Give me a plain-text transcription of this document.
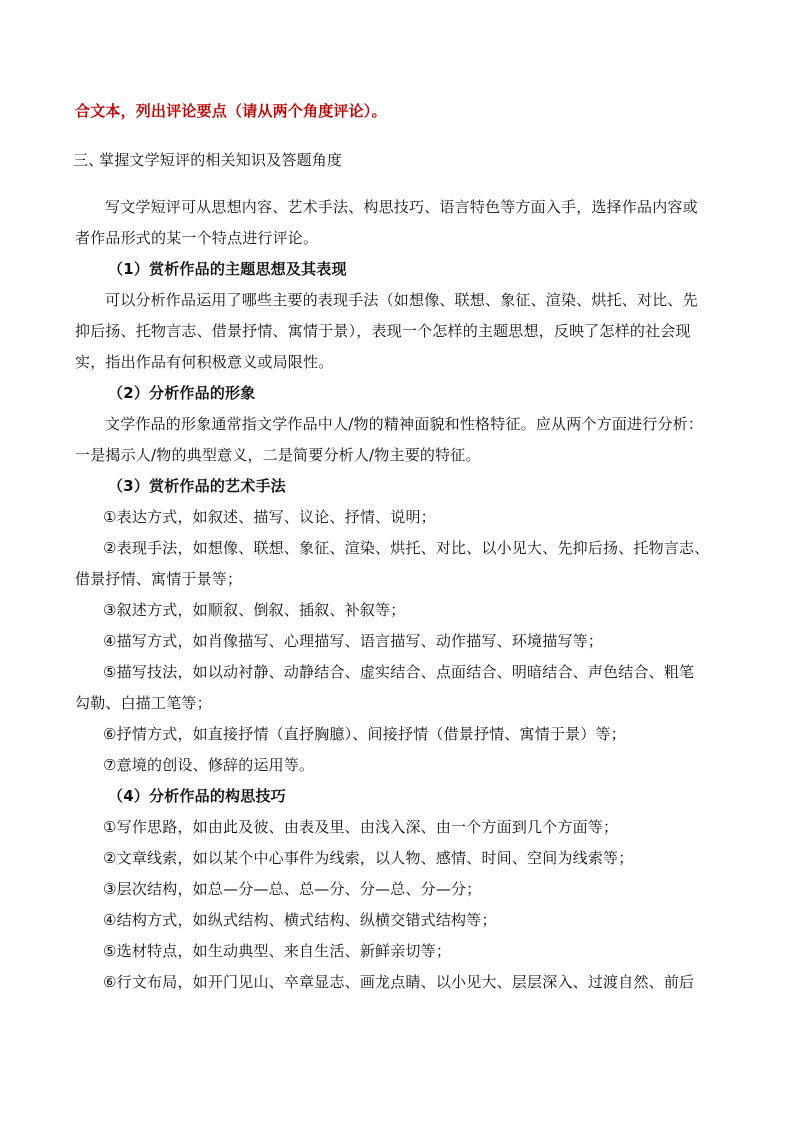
合文本，列出评论要点（请从两个角度评论）。
三、掌握文学短评的相关知识及答题角度
写文学短评可从思想内容、艺术手法、构思技巧、语言特色等方面入手，选择作品内容或
者作品形式的某一个特点进行评论。
（1）赏析作品的主题思想及其表现
可以分析作品运用了哪些主要的表现手法（如想像、联想、象征、渲染、烘托、对比、先
抑后扬、托物言志、借景抒情、寓情于景），表现一个怎样的主题思想，反映了怎样的社会现
实，指出作品有何积极意义或局限性。
（2）分析作品的形象
文学作品的形象通常指文学作品中人/物的精神面貌和性格特征。应从两个方面进行分析：
一是揭示人/物的典型意义，二是简要分析人/物主要的特征。
（3）赏析作品的艺术手法
①表达方式，如叙述、描写、议论、抒情、说明；
②表现手法，如想像、联想、象征、渲染、烘托、对比、以小见大、先抑后扬、托物言志、
借景抒情、寓情于景等；
③叙述方式，如顺叙、倒叙、插叙、补叙等；
④描写方式，如肖像描写、心理描写、语言描写、动作描写、环境描写等；
⑤描写技法，如以动衬静、动静结合、虚实结合、点面结合、明暗结合、声色结合、粗笔
勾勒、白描工笔等；
⑥抒情方式，如直接抒情（直抒胸臆）、间接抒情（借景抒情、寓情于景）等；
⑦意境的创设、修辞的运用等。
（4）分析作品的构思技巧
①写作思路，如由此及彼、由表及里、由浅入深、由一个方面到几个方面等；
②文章线索，如以某个中心事件为线索，以人物、感情、时间、空间为线索等；
③层次结构，如总—分—总、总—分、分—总、分—分；
④结构方式，如纵式结构、横式结构、纵横交错式结构等；
⑤选材特点，如生动典型、来自生活、新鲜亲切等；
⑥行文布局，如开门见山、卒章显志、画龙点睛、以小见大、层层深入、过渡自然、前后
